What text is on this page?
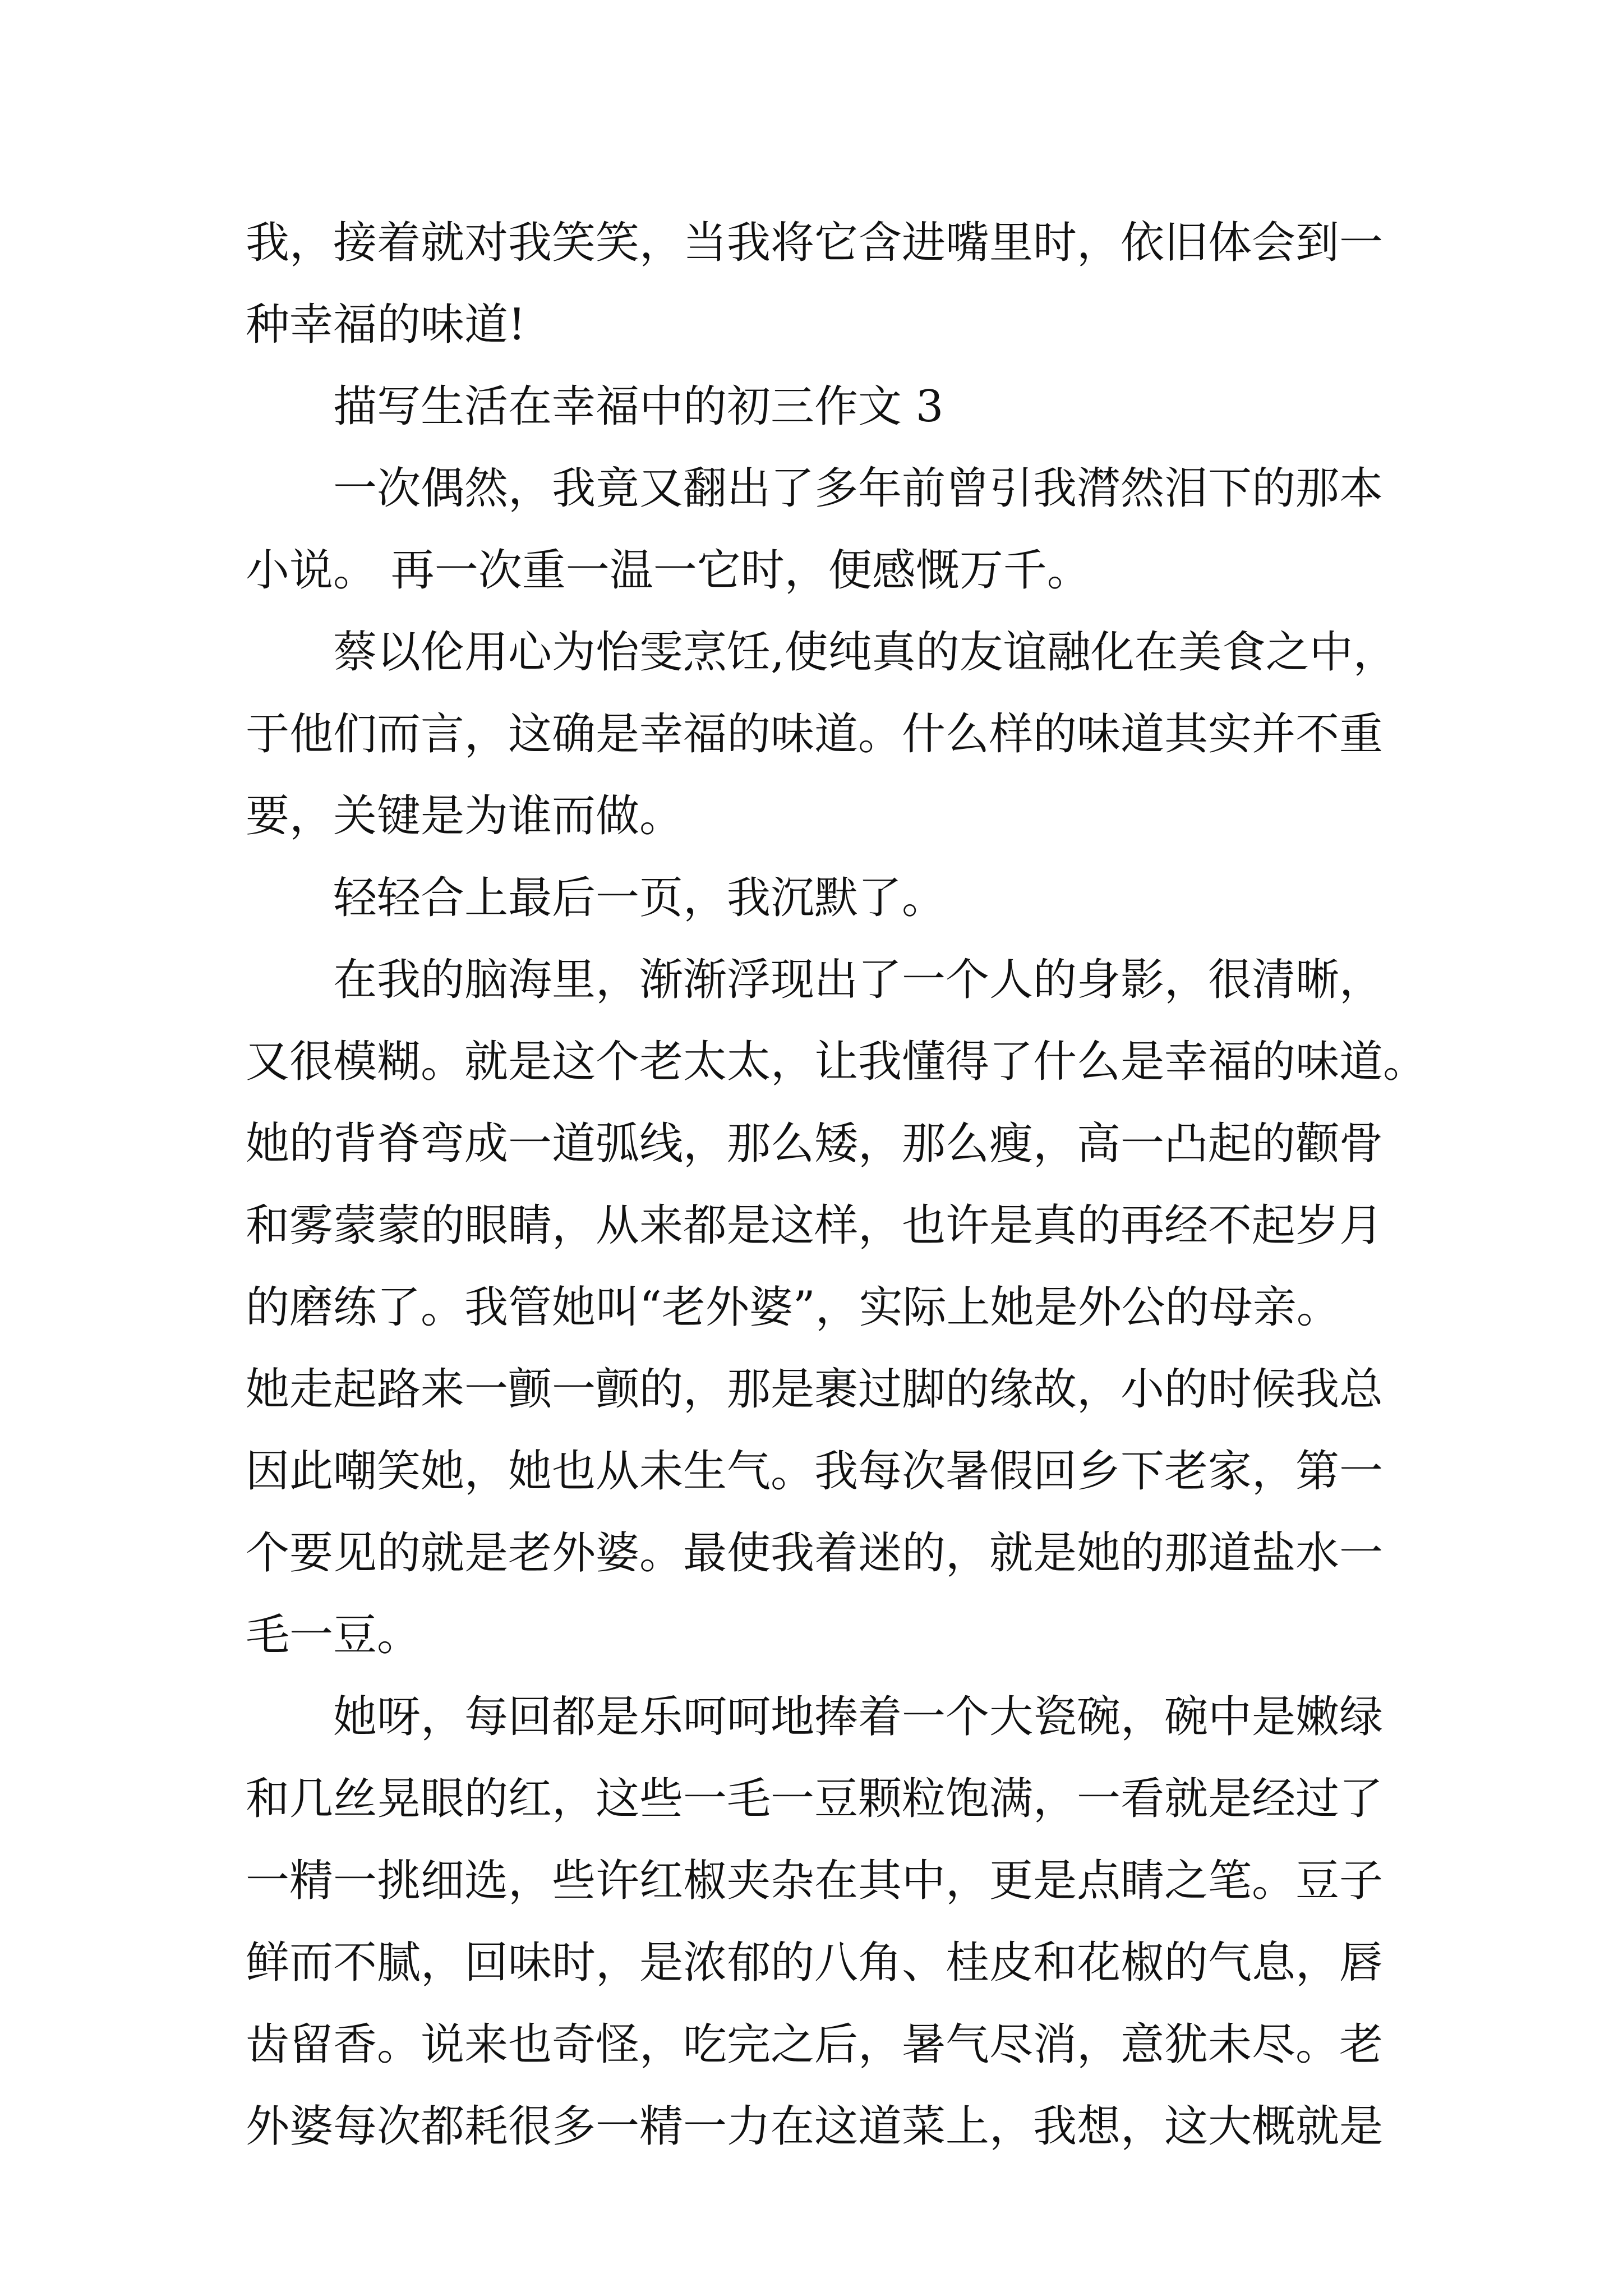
我，接着就对我笑笑，当我将它含进嘴里时，依旧体会到一
种幸福的味道!
描写生活在幸福中的初三作文 3
一次偶然，我竟又翻出了多年前曾引我潸然泪下的那本
小说。 再一次重一温一它时，便感慨万千。
蔡以伦用心为怡雯烹饪,使纯真的友谊融化在美食之中，
于他们而言，这确是幸福的味道。什么样的味道其实并不重
要，关键是为谁而做。
轻轻合上最后一页，我沉默了。
在我的脑海里，渐渐浮现出了一个人的身影，很清晰，
又很模糊。就是这个老太太，让我懂得了什么是幸福的味道。
她的背脊弯成一道弧线，那么矮，那么瘦，高一凸起的颧骨
和雾蒙蒙的眼睛，从来都是这样，也许是真的再经不起岁月
的磨练了。我管她叫“老外婆”，实际上她是外公的母亲。
她走起路来一颤一颤的，那是裹过脚的缘故，小的时候我总
因此嘲笑她，她也从未生气。我每次暑假回乡下老家，第一
个要见的就是老外婆。最使我着迷的，就是她的那道盐水一
毛一豆。
她呀，每回都是乐呵呵地捧着一个大瓷碗，碗中是嫩绿
和几丝晃眼的红，这些一毛一豆颗粒饱满，一看就是经过了
一精一挑细选，些许红椒夹杂在其中，更是点睛之笔。豆子
鲜而不腻，回味时，是浓郁的八角、桂皮和花椒的气息，唇
齿留香。说来也奇怪，吃完之后，暑气尽消，意犹未尽。老
外婆每次都耗很多一精一力在这道菜上，我想，这大概就是
